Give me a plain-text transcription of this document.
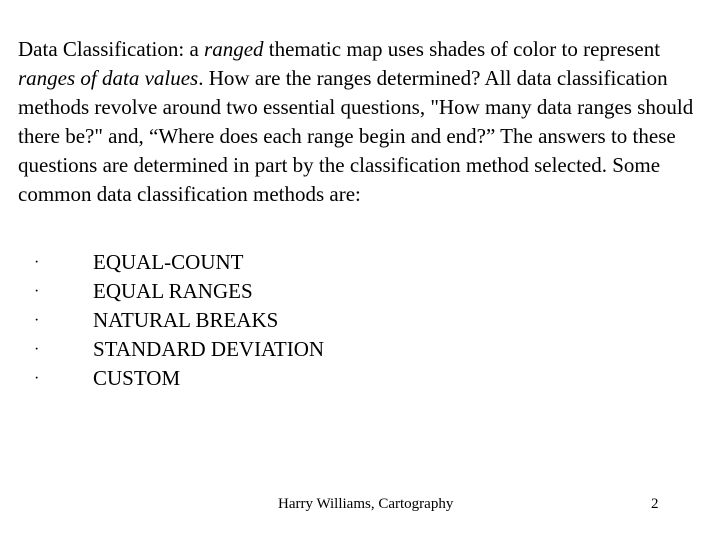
Data Classification: a ranged thematic map uses shades of color to represent ranges of data values. How are the ranges determined? All data classification methods revolve around two essential questions, "How many data ranges should there be?" and, “Where does each range begin and end?” The answers to these questions are determined in part by the classification method selected. Some common data classification methods are:

·	EQUAL-COUNT
·	EQUAL RANGES
·	NATURAL BREAKS
·	STANDARD DEVIATION
·	CUSTOM
Harry Williams, Cartography	2
